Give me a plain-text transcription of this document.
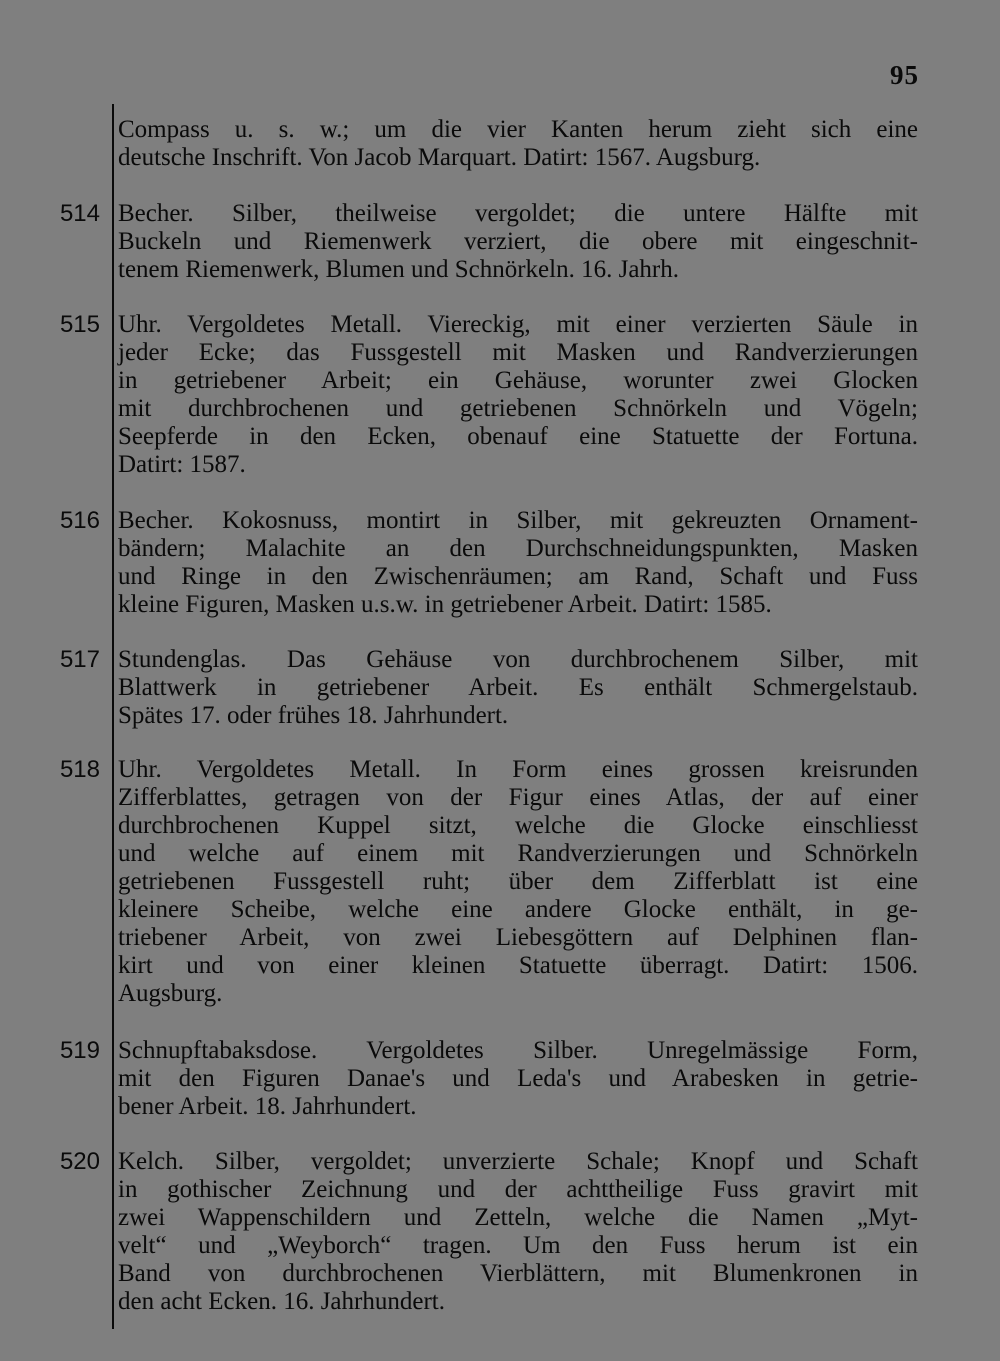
95
Compass u. s. w.; um die vier Kanten herum zieht sich eine
deutsche Inschrift. Von Jacob Marquart. Datirt: 1567. Augsburg.
514 Becher. Silber, theilweise vergoldet; die untere Hälfte mit
Buckeln und Riemenwerk verziert, die obere mit eingeschnit-
tenem Riemenwerk, Blumen und Schnörkeln. 16. Jahrh.
515 Uhr. Vergoldetes Metall. Viereckig, mit einer verzierten Säule in
jeder Ecke; das Fussgestell mit Masken und Randverzierungen
in getriebener Arbeit; ein Gehäuse, worunter zwei Glocken
mit durchbrochenen und getriebenen Schnörkeln und Vögeln;
Seepferde in den Ecken, obenauf eine Statuette der Fortuna.
Datirt: 1587.
516 Becher. Kokosnuss, montirt in Silber, mit gekreuzten Ornament-
bändern; Malachite an den Durchschneidungspunkten, Masken
und Ringe in den Zwischenräumen; am Rand, Schaft und Fuss
kleine Figuren, Masken u.s.w. in getriebener Arbeit. Datirt: 1585.
517 Stundenglas. Das Gehäuse von durchbrochenem Silber, mit
Blattwerk in getriebener Arbeit. Es enthält Schmergelstaub.
Spätes 17. oder frühes 18. Jahrhundert.
518 Uhr. Vergoldetes Metall. In Form eines grossen kreisrunden
Zifferblattes, getragen von der Figur eines Atlas, der auf einer
durchbrochenen Kuppel sitzt, welche die Glocke einschliesst
und welche auf einem mit Randverzierungen und Schnörkeln
getriebenen Fussgestell ruht; über dem Zifferblatt ist eine
kleinere Scheibe, welche eine andere Glocke enthält, in ge-
triebener Arbeit, von zwei Liebesgöttern auf Delphinen flan-
kirt und von einer kleinen Statuette überragt. Datirt: 1506.
Augsburg.
519 Schnupftabaksdose. Vergoldetes Silber. Unregelmässige Form,
mit den Figuren Danae's und Leda's und Arabesken in getrie-
bener Arbeit. 18. Jahrhundert.
520 Kelch. Silber, vergoldet; unverzierte Schale; Knopf und Schaft
in gothischer Zeichnung und der achttheilige Fuss gravirt mit
zwei Wappenschildern und Zetteln, welche die Namen „Myt-
velt“ und „Weyborch“ tragen. Um den Fuss herum ist ein
Band von durchbrochenen Vierblättern, mit Blumenkronen in
den acht Ecken. 16. Jahrhundert.
